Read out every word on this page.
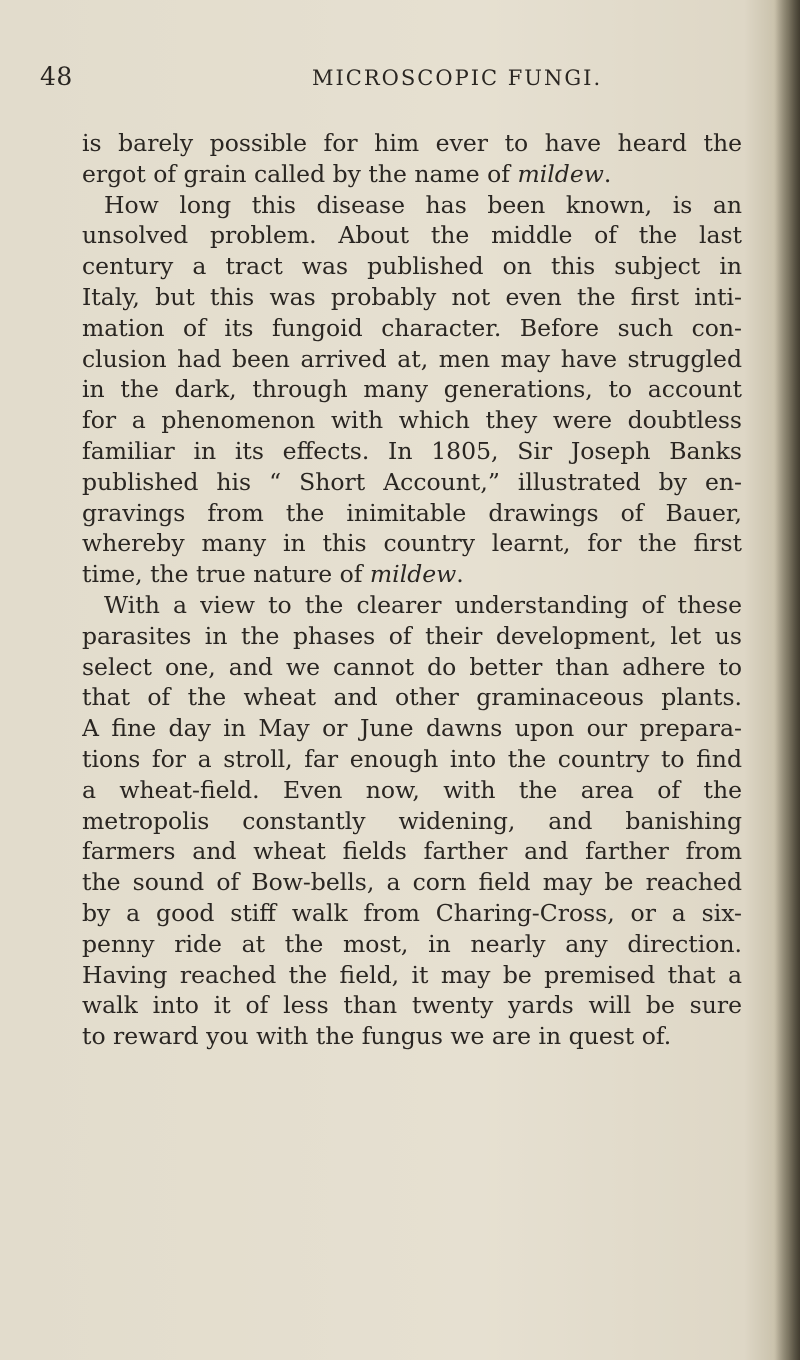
48	MICROSCOPIC FUNGI.
is barely possible for him ever to have heard the
ergot of grain called by the name of mildew.
How long this disease has been known, is an
unsolved problem. About the middle of the last
century a tract was published on this subject in
Italy, but this was probably not even the first inti-
mation of its fungoid character. Before such con-
clusion had been arrived at, men may have struggled
in the dark, through many generations, to account
for a phenomenon with which they were doubtless
familiar in its effects. In 1805, Sir Joseph Banks
published his “ Short Account,” illustrated by en-
gravings from the inimitable drawings of Bauer,
whereby many in this country learnt, for the first
time, the true nature of mildew.
With a view to the clearer understanding of these
parasites in the phases of their development, let us
select one, and we cannot do better than adhere to
that of the wheat and other graminaceous plants.
A fine day in May or June dawns upon our prepara-
tions for a stroll, far enough into the country to find
a wheat-field. Even now, with the area of the
metropolis constantly widening, and banishing
farmers and wheat fields farther and farther from
the sound of Bow-bells, a corn field may be reached
by a good stiff walk from Charing-Cross, or a six-
penny ride at the most, in nearly any direction.
Having reached the field, it may be premised that a
walk into it of less than twenty yards will be sure
to reward you with the fungus we are in quest of.
